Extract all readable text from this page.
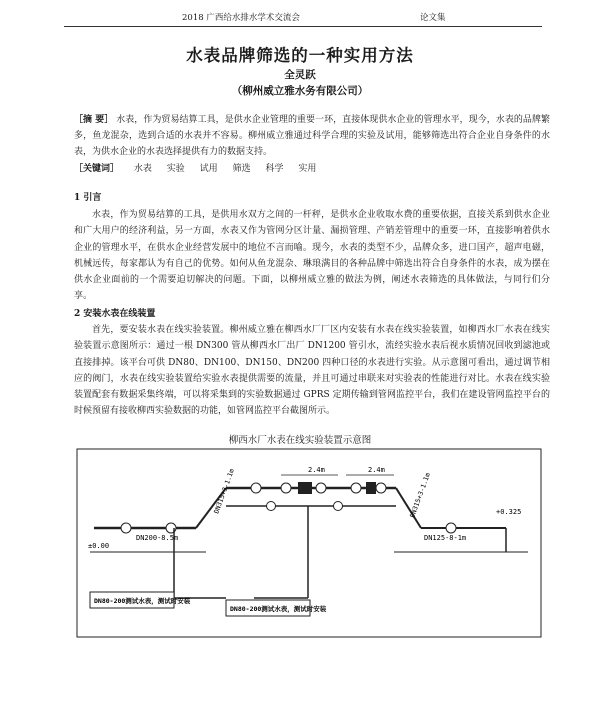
2018 广西给水排水学术交流会	论文集
水表品牌筛选的一种实用方法
全灵跃
（柳州威立雅水务有限公司）
［摘 要］ 水表，作为贸易结算工具，是供水企业管理的重要一环，直接体现供水企业的管理水平，现今，水表的品牌繁多，鱼龙混杂，选到合适的水表并不容易。柳州威立雅通过科学合理的实验及试用，能够筛选出符合企业自身条件的水表，为供水企业的水表选择提供有力的数据支持。
［关键词］ 水表 实验 试用 筛选 科学 实用
1 引言
水表，作为贸易结算的工具，是供用水双方之间的一杆秤，是供水企业收取水费的重要依据，直接关系到供水企业和广大用户的经济利益，另一方面，水表又作为管网分区计量、漏损管理、产销差管理中的重要一环，直接影响着供水企业的管理水平，在供水企业经营发展中的地位不言而喻。现今，水表的类型不少，品牌众多，进口国产，超声电磁，机械远传，每家都认为有自己的优势。如何从鱼龙混杂、琳琅满目的各种品牌中筛选出符合自身条件的水表，成为摆在供水企业面前的一个需要迫切解决的问题。下面，以柳州威立雅的做法为例，阐述水表筛选的具体做法，与同行们分享。
2 安装水表在线装置
首先，要安装水表在线实验装置。柳州威立雅在柳西水厂厂区内安装有水表在线实验装置，如柳西水厂水表在线实验装置示意图所示：通过一根 DN300 管从柳西水厂出厂 DN1200 管引水，流经实验水表后视水质情况回收到滤池或直接排掉。该平台可供 DN80、DN100、DN150、DN200 四种口径的水表进行实验。从示意图可看出，通过调节相应的阀门，水表在线实验装置给实验水表提供需要的流量，并且可通过串联来对实验表的性能进行对比。水表在线实验装置配套有数据采集终端，可以将采集到的实验数据通过 GPRS 定期传输到管网监控平台，我们在建设管网监控平台的时候预留有接收柳西实验数据的功能，如管网监控平台截图所示。
柳西水厂水表在线实验装置示意图
2.4m	2.4m
DN200-8.5m	DN125-8-1m
±0.00
+0.325
DN315+3-1.1m	DN315+3-1.1m
DN80-200测试水表，测试时安装
DN80-200测试水表，测试时安装
